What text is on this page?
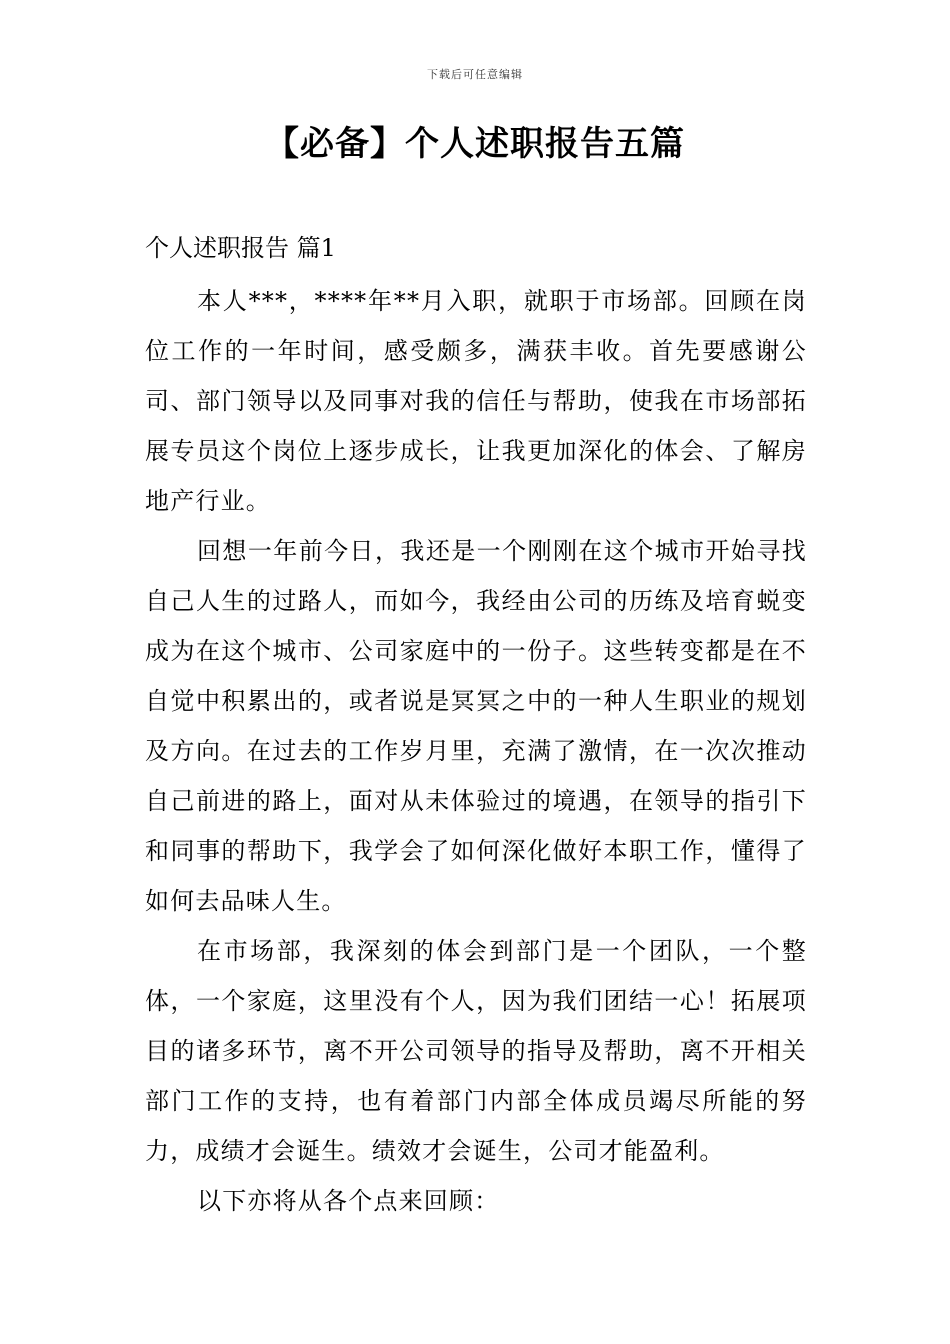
下载后可任意编辑
【必备】个人述职报告五篇
个人述职报告 篇1

本人***，****年**月入职，就职于市场部。回顾在岗位工作的一年时间，感受颇多，满获丰收。首先要感谢公司、部门领导以及同事对我的信任与帮助，使我在市场部拓展专员这个岗位上逐步成长，让我更加深化的体会、了解房地产行业。

回想一年前今日，我还是一个刚刚在这个城市开始寻找自己人生的过路人，而如今，我经由公司的历练及培育蜕变成为在这个城市、公司家庭中的一份子。这些转变都是在不自觉中积累出的，或者说是冥冥之中的一种人生职业的规划及方向。在过去的工作岁月里，充满了激情，在一次次推动自己前进的路上，面对从未体验过的境遇，在领导的指引下和同事的帮助下，我学会了如何深化做好本职工作，懂得了如何去品味人生。

在市场部，我深刻的体会到部门是一个团队，一个整体，一个家庭，这里没有个人，因为我们团结一心！拓展项目的诸多环节，离不开公司领导的指导及帮助，离不开相关部门工作的支持，也有着部门内部全体成员竭尽所能的努力，成绩才会诞生。绩效才会诞生，公司才能盈利。

以下亦将从各个点来回顾：
